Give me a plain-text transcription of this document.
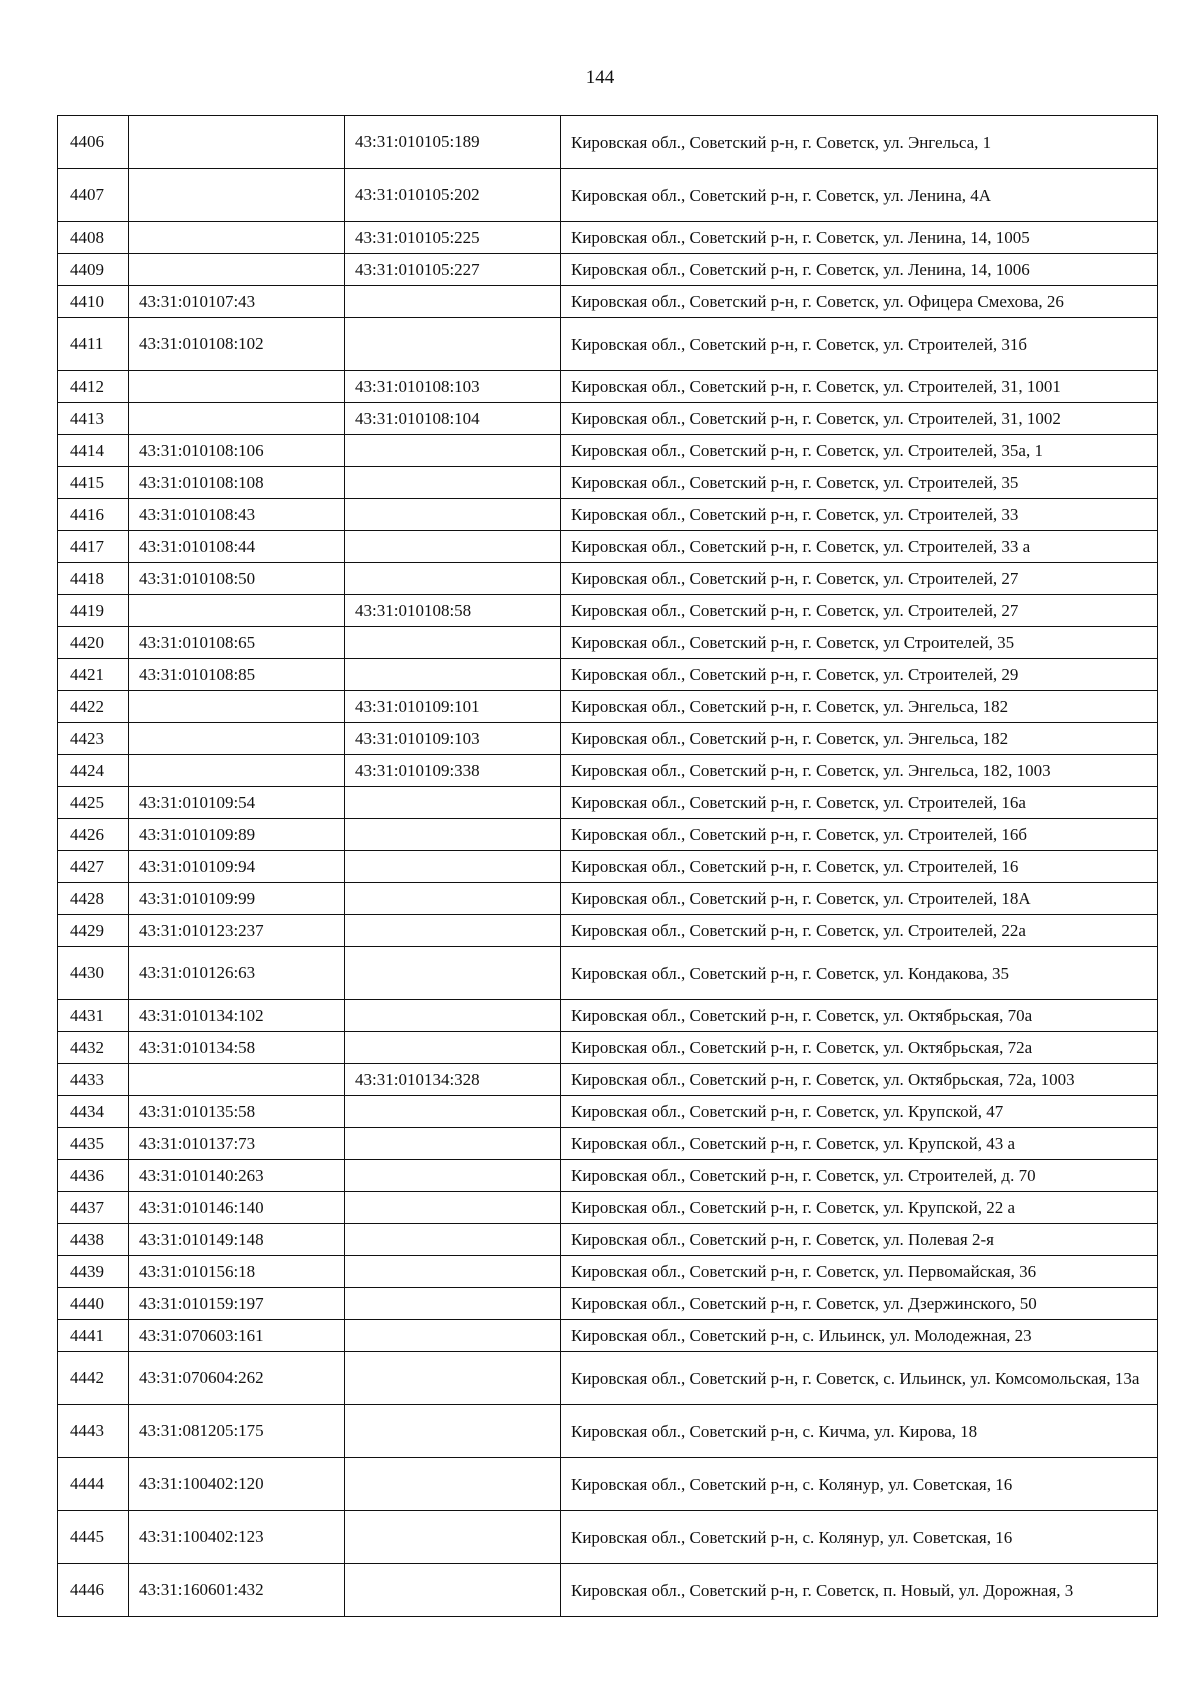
144
4406		43:31:010105:189	Кировская обл., Советский р-н, г. Советск, ул. Энгельса, 1
4407		43:31:010105:202	Кировская обл., Советский р-н, г. Советск, ул. Ленина, 4А
4408		43:31:010105:225	Кировская обл., Советский р-н, г. Советск, ул. Ленина, 14, 1005
4409		43:31:010105:227	Кировская обл., Советский р-н, г. Советск, ул. Ленина, 14, 1006
4410	43:31:010107:43		Кировская обл., Советский р-н, г. Советск, ул. Офицера Смехова, 26
4411	43:31:010108:102		Кировская обл., Советский р-н, г. Советск, ул. Строителей, 31б
4412		43:31:010108:103	Кировская обл., Советский р-н, г. Советск, ул. Строителей, 31, 1001
4413		43:31:010108:104	Кировская обл., Советский р-н, г. Советск, ул. Строителей, 31, 1002
4414	43:31:010108:106		Кировская обл., Советский р-н, г. Советск, ул. Строителей, 35а, 1
4415	43:31:010108:108		Кировская обл., Советский р-н, г. Советск, ул. Строителей, 35
4416	43:31:010108:43		Кировская обл., Советский р-н, г. Советск, ул. Строителей, 33
4417	43:31:010108:44		Кировская обл., Советский р-н, г. Советск, ул. Строителей, 33 а
4418	43:31:010108:50		Кировская обл., Советский р-н, г. Советск, ул. Строителей, 27
4419		43:31:010108:58	Кировская обл., Советский р-н, г. Советск, ул. Строителей, 27
4420	43:31:010108:65		Кировская обл., Советский р-н, г. Советск, ул Строителей, 35
4421	43:31:010108:85		Кировская обл., Советский р-н, г. Советск, ул. Строителей, 29
4422		43:31:010109:101	Кировская обл., Советский р-н, г. Советск, ул. Энгельса, 182
4423		43:31:010109:103	Кировская обл., Советский р-н, г. Советск, ул. Энгельса, 182
4424		43:31:010109:338	Кировская обл., Советский р-н, г. Советск, ул. Энгельса, 182, 1003
4425	43:31:010109:54		Кировская обл., Советский р-н, г. Советск, ул. Строителей, 16а
4426	43:31:010109:89		Кировская обл., Советский р-н, г. Советск, ул. Строителей, 16б
4427	43:31:010109:94		Кировская обл., Советский р-н, г. Советск, ул. Строителей, 16
4428	43:31:010109:99		Кировская обл., Советский р-н, г. Советск, ул. Строителей, 18А
4429	43:31:010123:237		Кировская обл., Советский р-н, г. Советск, ул. Строителей, 22а
4430	43:31:010126:63		Кировская обл., Советский р-н, г. Советск, ул. Кондакова, 35
4431	43:31:010134:102		Кировская обл., Советский р-н, г. Советск, ул. Октябрьская, 70а
4432	43:31:010134:58		Кировская обл., Советский р-н, г. Советск, ул. Октябрьская, 72а
4433		43:31:010134:328	Кировская обл., Советский р-н, г. Советск, ул. Октябрьская, 72а, 1003
4434	43:31:010135:58		Кировская обл., Советский р-н, г. Советск, ул. Крупской, 47
4435	43:31:010137:73		Кировская обл., Советский р-н, г. Советск, ул. Крупской, 43 а
4436	43:31:010140:263		Кировская обл., Советский р-н, г. Советск, ул. Строителей, д. 70
4437	43:31:010146:140		Кировская обл., Советский р-н, г. Советск, ул. Крупской, 22 а
4438	43:31:010149:148		Кировская обл., Советский р-н, г. Советск, ул. Полевая 2-я
4439	43:31:010156:18		Кировская обл., Советский р-н, г. Советск, ул. Первомайская, 36
4440	43:31:010159:197		Кировская обл., Советский р-н, г. Советск, ул. Дзержинского, 50
4441	43:31:070603:161		Кировская обл., Советский р-н, с. Ильинск, ул. Молодежная, 23
4442	43:31:070604:262		Кировская обл., Советский р-н, г. Советск, с. Ильинск, ул. Комсомольская, 13а
4443	43:31:081205:175		Кировская обл., Советский р-н, с. Кичма, ул. Кирова, 18
4444	43:31:100402:120		Кировская обл., Советский р-н, с. Колянур, ул. Советская, 16
4445	43:31:100402:123		Кировская обл., Советский р-н, с. Колянур, ул. Советская, 16
4446	43:31:160601:432		Кировская обл., Советский р-н, г. Советск, п. Новый, ул. Дорожная, 3
